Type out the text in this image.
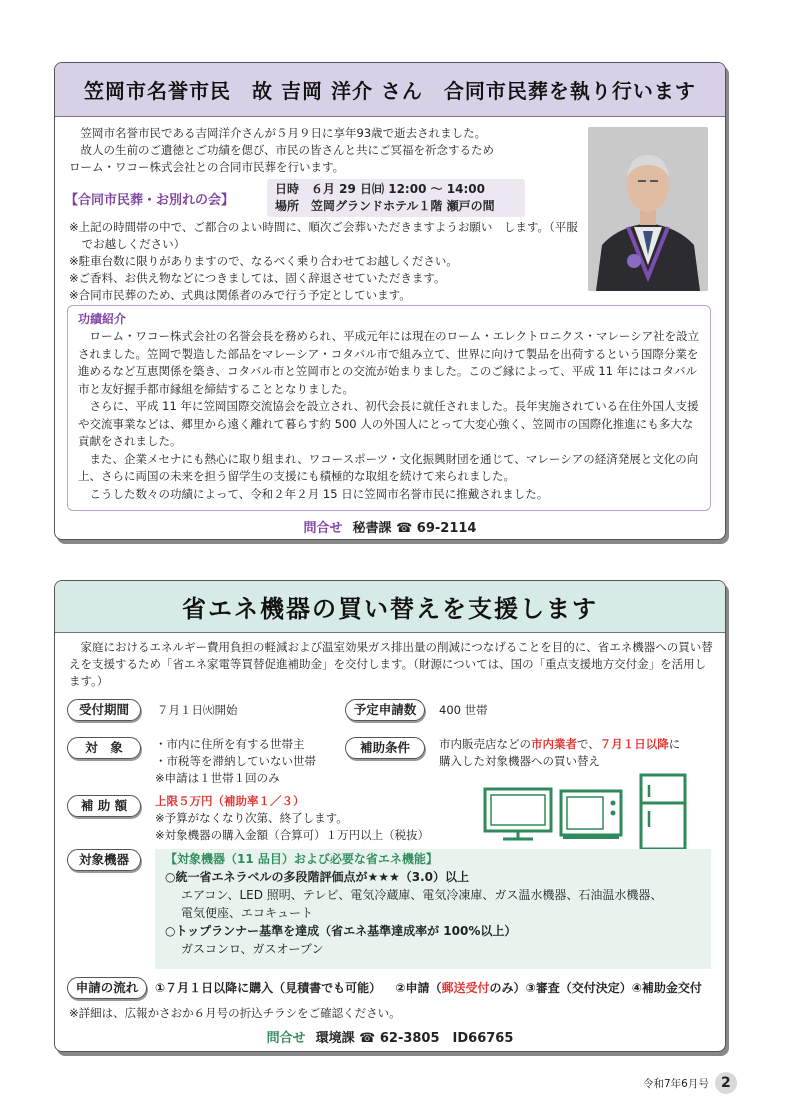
笠岡市名誉市民　故 吉岡 洋介 さん　合同市民葬を執り行います
笠岡市名誉市民である吉岡洋介さんが５月９日に享年93歳で逝去されました。
故人の生前のご遺徳とご功績を偲び、市民の皆さんと共にご冥福を祈念するため
ローム・ワコー株式会社との合同市民葬を行います。
【合同市民葬・お別れの会】
日時　６月 29 日㈰ 12:00 ～ 14:00
場所　笠岡グランドホテル１階 瀬戸の間
※上記の時間帯の中で、ご都合のよい時間に、順次ご会葬いただきますようお願い　します。（平服でお越しください）
※駐車台数に限りがありますので、なるべく乗り合わせてお越しください。
※ご香料、お供え物などにつきましては、固く辞退させていただきます。
※合同市民葬のため、式典は関係者のみで行う予定としています。
功績紹介
ローム・ワコー株式会社の名誉会長を務められ、平成元年には現在のローム・エレクトロニクス・マレーシア社を設立されました。笠岡で製造した部品をマレーシア・コタバル市で組み立て、世界に向けて製品を出荷するという国際分業を進めるなど互恵関係を築き、コタバル市と笠岡市との交流が始まりました。このご縁によって、平成 11 年にはコタバル市と友好握手都市縁組を締結することとなりました。
さらに、平成 11 年に笠岡国際交流協会を設立され、初代会長に就任されました。長年実施されている在住外国人支援や交流事業などは、郷里から遠く離れて暮らす約 500 人の外国人にとって大変心強く、笠岡市の国際化推進にも多大な貢献をされました。
また、企業メセナにも熱心に取り組まれ、ワコースポーツ・文化振興財団を通じて、マレーシアの経済発展と文化の向上、さらに両国の未来を担う留学生の支援にも積極的な取組を続けて来られました。
こうした数々の功績によって、令和２年２月 15 日に笠岡市名誉市民に推戴されました。
問合せ 秘書課 ☎ 69-2114
省エネ機器の買い替えを支援します
家庭におけるエネルギー費用負担の軽減および温室効果ガス排出量の削減につなげることを目的に、省エネ機器への買い替えを支援するため「省エネ家電等買替促進補助金」を交付します。（財源については、国の「重点支援地方交付金」を活用します。）
受付期間	７月１日㈫開始	予定申請数	400 世帯
対　象	・市内に住所を有する世帯主
・市税等を滞納していない世帯
※申請は１世帯１回のみ
補助条件	市内販売店などの市内業者で、７月１日以降に
購入した対象機器への買い替え
補 助 額	上限５万円（補助率１／３）
※予算がなくなり次第、終了します。
※対象機器の購入金額（合算可）１万円以上（税抜）
対象機器	【対象機器（11 品目）および必要な省エネ機能】
○統一省エネラベルの多段階評価点が★★★（3.0）以上
エアコン、LED 照明、テレビ、電気冷蔵庫、電気冷凍庫、ガス温水機器、石油温水機器、
電気便座、エコキュート
○トップランナー基準を達成（省エネ基準達成率が 100%以上）
ガスコンロ、ガスオーブン
申請の流れ	①７月１日以降に購入（見積書でも可能） ②申請（郵送受付のみ）③審査（交付決定）④補助金交付
※詳細は、広報かさおか６月号の折込チラシをご確認ください。
問合せ 環境課 ☎ 62-3805　ID66765
令和7年6月号 2
